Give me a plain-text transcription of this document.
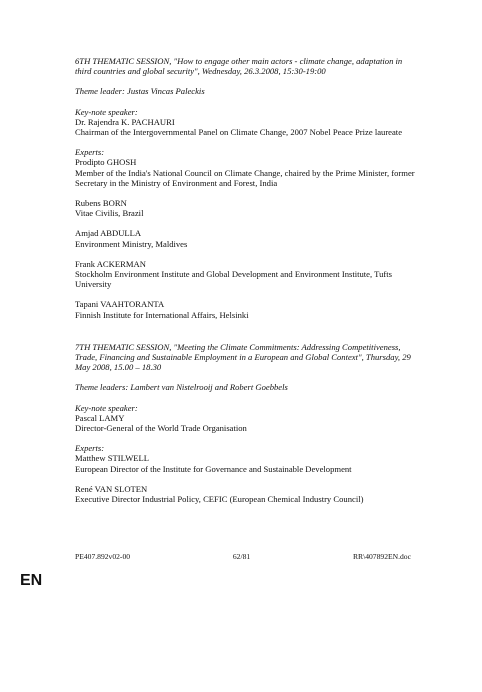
6TH THEMATIC SESSION, "How to engage other main actors - climate change, adaptation in third countries and global security", Wednesday, 26.3.2008, 15:30-19:00

Theme leader: Justas Vincas Paleckis

Key-note speaker:

Dr. Rajendra K. PACHAURI

Chairman of the Intergovernmental Panel on Climate Change, 2007 Nobel Peace Prize laureate

Experts:

Prodipto GHOSH

Member of the India's National Council on Climate Change, chaired by the Prime Minister, former Secretary in the Ministry of Environment and Forest, India

Rubens BORN

Vitae Civilis, Brazil

Amjad ABDULLA

Environment Ministry, Maldives

Frank ACKERMAN

Stockholm Environment Institute and Global Development and Environment Institute, Tufts University

Tapani VAAHTORANTA

Finnish Institute for International Affairs, Helsinki

7TH THEMATIC SESSION, "Meeting the Climate Commitments: Addressing Competitiveness, Trade, Financing and Sustainable Employment in a European and Global Context", Thursday, 29 May 2008, 15.00 – 18.30

Theme leaders: Lambert van Nistelrooij and Robert Goebbels

Key-note speaker:

Pascal LAMY

Director-General of the World Trade Organisation

Experts:

Matthew STILWELL

European Director of the Institute for Governance and Sustainable Development

René VAN SLOTEN

Executive Director Industrial Policy, CEFIC (European Chemical Industry Council)

PE407.892v02-00	62/81	RR\407892EN.doc
EN
